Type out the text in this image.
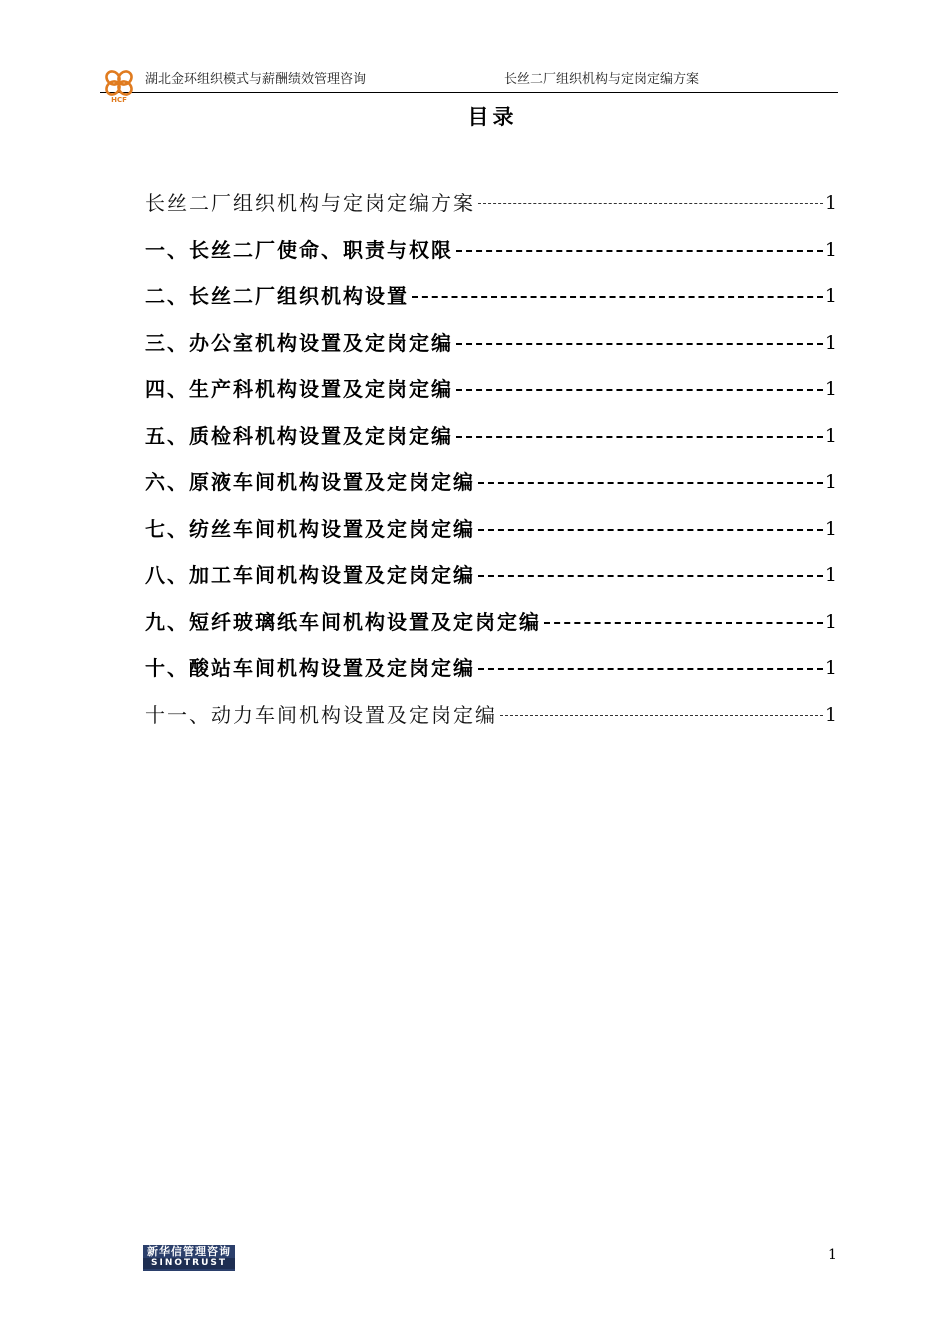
HCF
湖北金环组织模式与薪酬绩效管理咨询	长丝二厂组织机构与定岗定编方案
目录
长丝二厂组织机构与定岗定编方案	1
一、长丝二厂使命、职责与权限	1
二、长丝二厂组织机构设置	1
三、办公室机构设置及定岗定编	1
四、生产科机构设置及定岗定编	1
五、质检科机构设置及定岗定编	1
六、原液车间机构设置及定岗定编	1
七、纺丝车间机构设置及定岗定编	1
八、加工车间机构设置及定岗定编	1
九、短纤玻璃纸车间机构设置及定岗定编	1
十、酸站车间机构设置及定岗定编	1
十一、动力车间机构设置及定岗定编	1
新华信管理咨询
SINOTRUST	1
